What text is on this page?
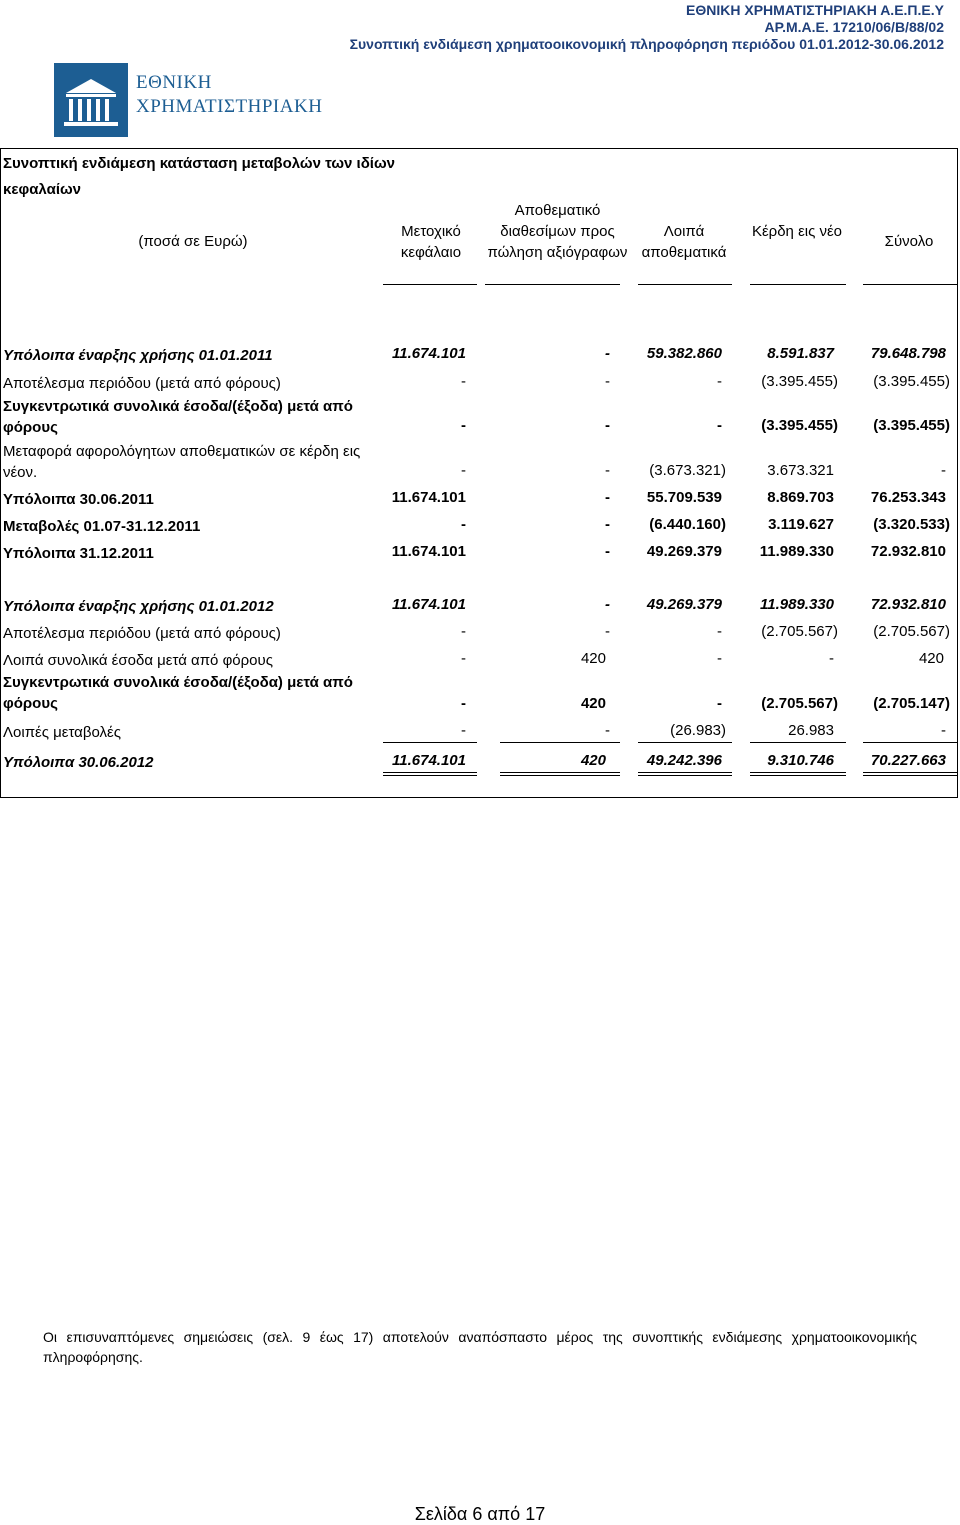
ΕΘΝΙΚΗ ΧΡΗΜΑΤΙΣΤΗΡΙΑΚΗ Α.Ε.Π.Ε.Υ
ΑΡ.Μ.Α.Ε. 17210/06/Β/88/02
Συνοπτική ενδιάμεση χρηματοοικονομική πληροφόρηση περιόδου 01.01.2012-30.06.2012
ΕΘΝΙΚΗ
ΧΡΗΜΑΤΙΣΤΗΡΙΑΚΗ
Συνοπτική ενδιάμεση κατάσταση μεταβολών των ιδίων κεφαλαίων
(ποσά σε Ευρώ)
Μετοχικό κεφάλαιο
Αποθεματικό διαθεσίμων προς πώληση αξιόγραφων
Λοιπά αποθεματικά
Κέρδη εις νέο
Σύνολο
Υπόλοιπα έναρξης χρήσης 01.01.2011	11.674.101	-	59.382.860	8.591.837	79.648.798
Αποτέλεσμα περιόδου (μετά από φόρους)	-	-	-	(3.395.455)	(3.395.455)
Συγκεντρωτικά συνολικά έσοδα/(έξοδα) μετά από φόρους	-	-	-	(3.395.455)	(3.395.455)
Μεταφορά αφορολόγητων αποθεματικών σε κέρδη εις νέον.	-	-	(3.673.321)	3.673.321	-
Υπόλοιπα 30.06.2011	11.674.101	-	55.709.539	8.869.703	76.253.343
Μεταβολές 01.07-31.12.2011	-	-	(6.440.160)	3.119.627	(3.320.533)
Υπόλοιπα 31.12.2011	11.674.101	-	49.269.379	11.989.330	72.932.810
Υπόλοιπα έναρξης χρήσης 01.01.2012	11.674.101	-	49.269.379	11.989.330	72.932.810
Αποτέλεσμα περιόδου (μετά από φόρους)	-	-	-	(2.705.567)	(2.705.567)
Λοιπά συνολικά έσοδα μετά από φόρους	-	420	-	-	420
Συγκεντρωτικά συνολικά έσοδα/(έξοδα) μετά από φόρους	-	420	-	(2.705.567)	(2.705.147)
Λοιπές μεταβολές	-	-	(26.983)	26.983	-
Υπόλοιπα 30.06.2012	11.674.101	420	49.242.396	9.310.746	70.227.663
Οι επισυναπτόμενες σημειώσεις (σελ. 9 έως 17) αποτελούν αναπόσπαστο μέρος της συνοπτικής ενδιάμεσης χρηματοοικονομικής πληροφόρησης.
Σελίδα 6 από 17
